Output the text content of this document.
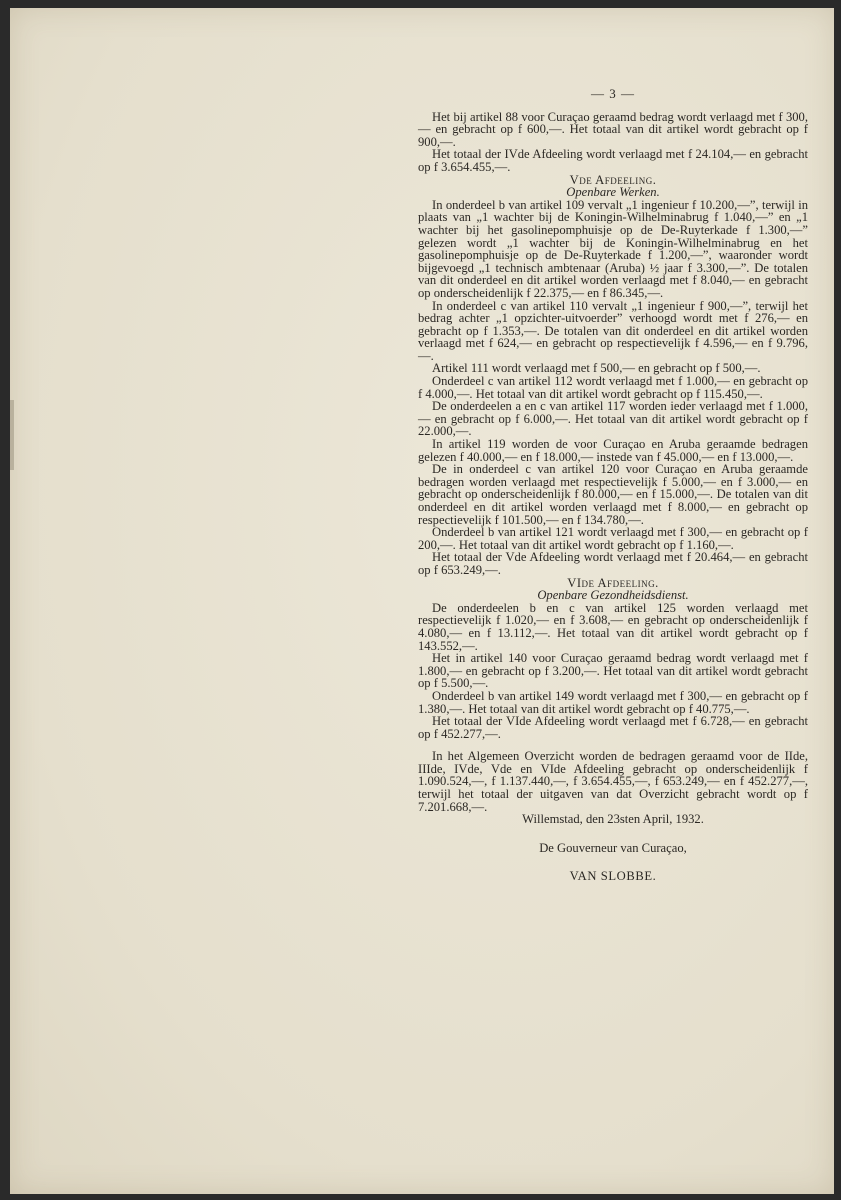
— 3 —

Het bij artikel 88 voor Curaçao geraamd bedrag wordt verlaagd met f 300,— en gebracht op f 600,—. Het totaal van dit artikel wordt gebracht op f 900,—.

Het totaal der IVde Afdeeling wordt verlaagd met f 24.104,— en gebracht op f 3.654.455,—.

Vde Afdeeling.

Openbare Werken.

In onderdeel b van artikel 109 vervalt „1 ingenieur f 10.200,—”, terwijl in plaats van „1 wachter bij de Koningin-Wilhelminabrug f 1.040,—” en „1 wachter bij het gasolinepomphuisje op de De-Ruyterkade f 1.300,—” gelezen wordt „1 wachter bij de Koningin-Wilhelminabrug en het gasolinepomphuisje op de De-Ruyterkade f 1.200,—”, waaronder wordt bijgevoegd „1 technisch ambtenaar (Aruba) ½ jaar f 3.300,—”. De totalen van dit onderdeel en dit artikel worden verlaagd met f 8.040,— en gebracht op onderscheidenlijk f 22.375,— en f 86.345,—.

In onderdeel c van artikel 110 vervalt „1 ingenieur f 900,—”, terwijl het bedrag achter „1 opzichter-uitvoerder” verhoogd wordt met f 276,— en gebracht op f 1.353,—. De totalen van dit onderdeel en dit artikel worden verlaagd met f 624,— en gebracht op respectievelijk f 4.596,— en f 9.796,—.

Artikel 111 wordt verlaagd met f 500,— en gebracht op f 500,—.

Onderdeel c van artikel 112 wordt verlaagd met f 1.000,— en gebracht op f 4.000,—. Het totaal van dit artikel wordt gebracht op f 115.450,—.

De onderdeelen a en c van artikel 117 worden ieder verlaagd met f 1.000,— en gebracht op f 6.000,—. Het totaal van dit artikel wordt gebracht op f 22.000,—.

In artikel 119 worden de voor Curaçao en Aruba geraamde bedragen gelezen f 40.000,— en f 18.000,— instede van f 45.000,— en f 13.000,—.

De in onderdeel c van artikel 120 voor Curaçao en Aruba geraamde bedragen worden verlaagd met respectievelijk f 5.000,— en f 3.000,— en gebracht op onderscheidenlijk f 80.000,— en f 15.000,—. De totalen van dit onderdeel en dit artikel worden verlaagd met f 8.000,— en gebracht op respectievelijk f 101.500,— en f 134.780,—.

Onderdeel b van artikel 121 wordt verlaagd met f 300,— en gebracht op f 200,—. Het totaal van dit artikel wordt gebracht op f 1.160,—.

Het totaal der Vde Afdeeling wordt verlaagd met f 20.464,— en gebracht op f 653.249,—.

VIde Afdeeling.

Openbare Gezondheidsdienst.

De onderdeelen b en c van artikel 125 worden verlaagd met respectievelijk f 1.020,— en f 3.608,— en gebracht op onderscheidenlijk f 4.080,— en f 13.112,—. Het totaal van dit artikel wordt gebracht op f 143.552,—.

Het in artikel 140 voor Curaçao geraamd bedrag wordt verlaagd met f 1.800,— en gebracht op f 3.200,—. Het totaal van dit artikel wordt gebracht op f 5.500,—.

Onderdeel b van artikel 149 wordt verlaagd met f 300,— en gebracht op f 1.380,—. Het totaal van dit artikel wordt gebracht op f 40.775,—.

Het totaal der VIde Afdeeling wordt verlaagd met f 6.728,— en gebracht op f 452.277,—.

In het Algemeen Overzicht worden de bedragen geraamd voor de IIde, IIIde, IVde, Vde en VIde Afdeeling gebracht op onderscheidenlijk f 1.090.524,—, f 1.137.440,—, f 3.654.455,—, f 653.249,— en f 452.277,—, terwijl het totaal der uitgaven van dat Overzicht gebracht wordt op f 7.201.668,—.

Willemstad, den 23sten April, 1932.

De Gouverneur van Curaçao,

VAN SLOBBE.
